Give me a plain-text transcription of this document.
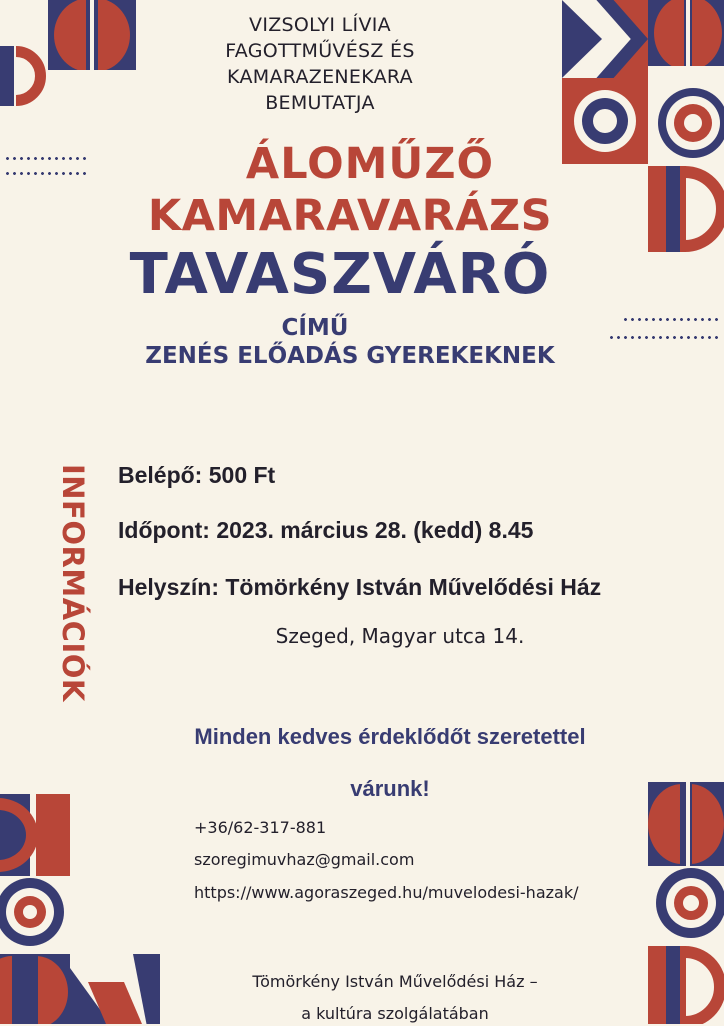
VIZSOLYI LÍVIA
FAGOTTMŰVÉSZ ÉS
KAMARAZENEKARA
BEMUTATJA
ÁLOMŰZŐ
KAMARAVARÁZS
TAVASZVÁRÓ
CÍMŰ
ZENÉS ELŐADÁS GYEREKEKNEK
INFORMÁCIÓK Belépő: 500 Ft
Időpont: 2023. március 28. (kedd) 8.45
Helyszín: Tömörkény István Művelődési Ház
Szeged, Magyar utca 14.
Minden kedves érdeklődőt szeretettel
várunk!
+36/62-317-881
szoregimuvhaz@gmail.com
https://www.agoraszeged.hu/muvelodesi-hazak/
Tömörkény István Művelődési Ház –
a kultúra szolgálatában
